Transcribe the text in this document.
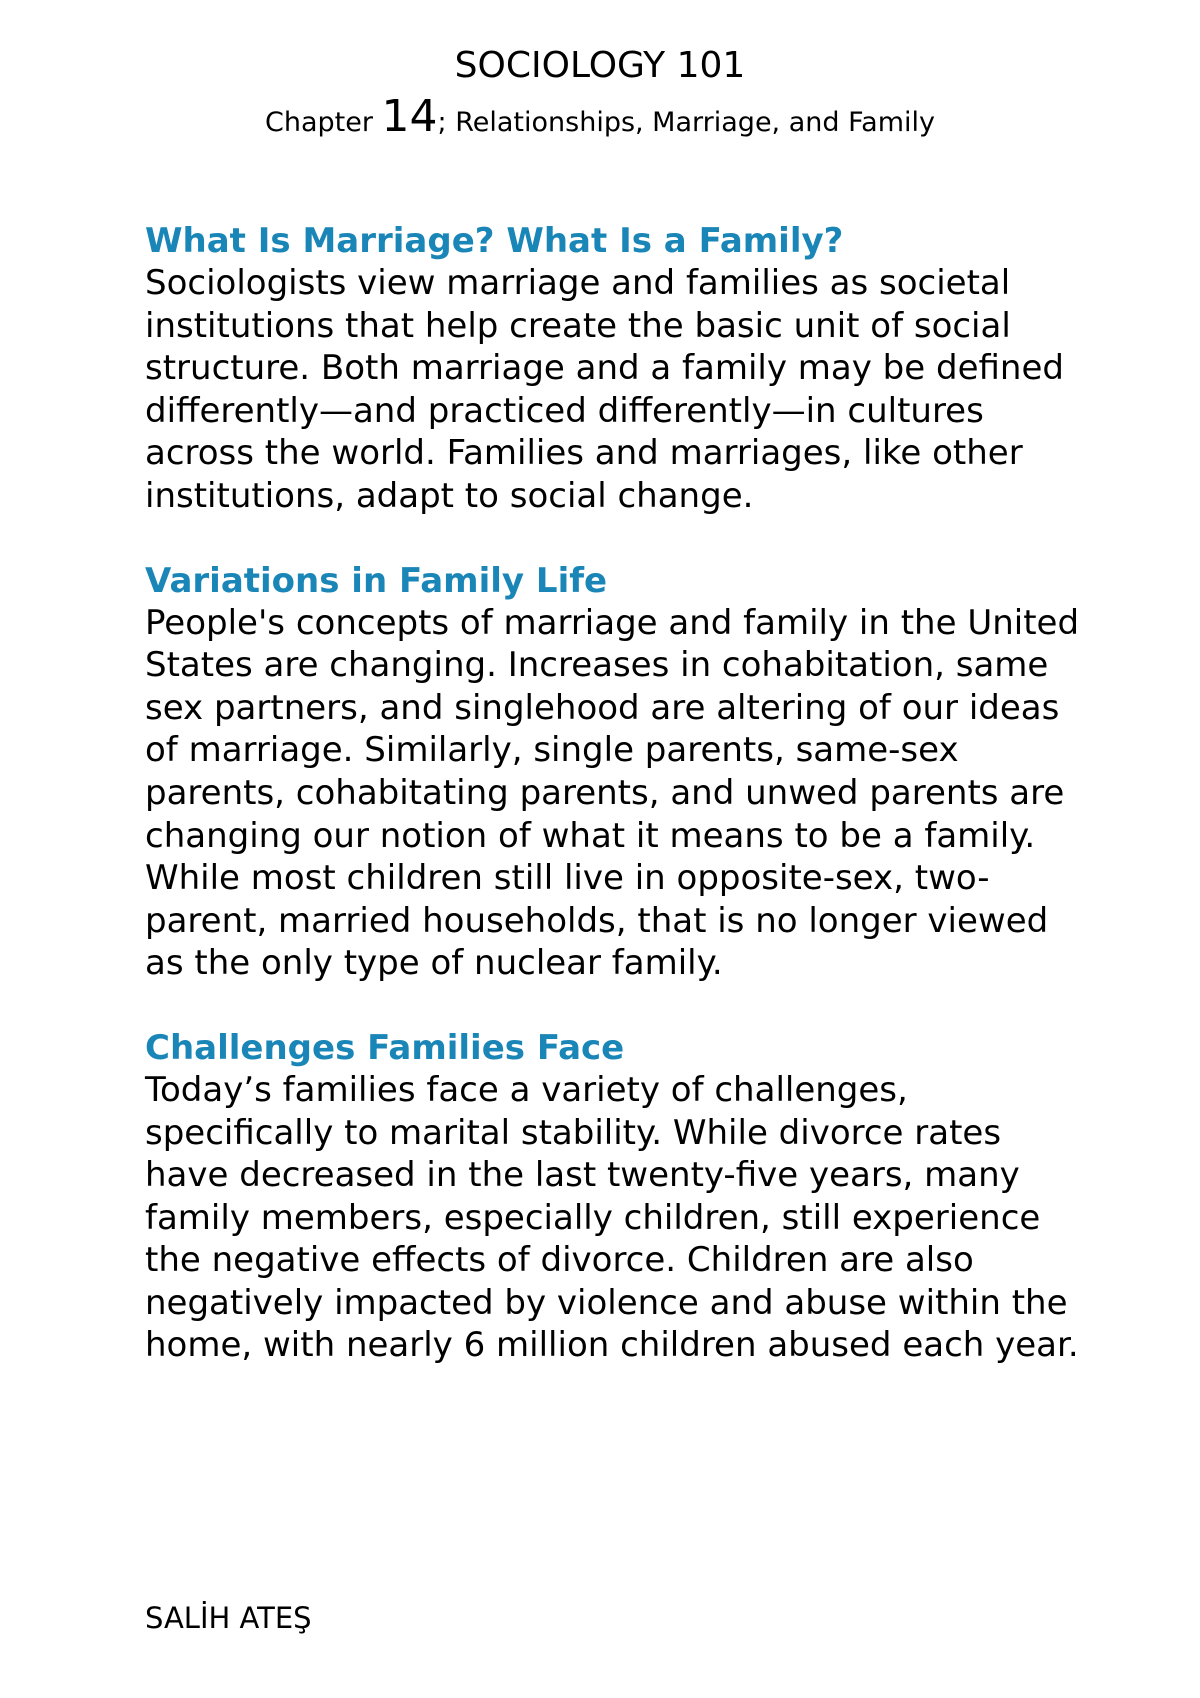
SOCIOLOGY 101

Chapter 14; Relationships, Marriage, and Family

What Is Marriage? What Is a Family?

Sociologists view marriage and families as societal institutions that help create the basic unit of social
structure. Both marriage and a family may be defined differently—and practiced differently—in cultures across the world. Families and marriages, like other institutions, adapt to social change.

Variations in Family Life

People's concepts of marriage and family in the United States are changing. Increases in cohabitation, same sex partners, and singlehood are altering of our ideas of marriage. Similarly, single parents, same-sex parents, cohabitating parents, and unwed parents are changing our notion of what it means to be a family. While most children still live in opposite-sex, two-parent, married households, that is no longer viewed as the only type of nuclear family.

Challenges Families Face

Today’s families face a variety of challenges, specifically to marital stability. While divorce rates have decreased in the last twenty-five years, many family members, especially children, still experience the negative effects of divorce. Children are also negatively impacted by violence and abuse within the home, with nearly 6 million children abused each year.

SALİH ATEŞ
